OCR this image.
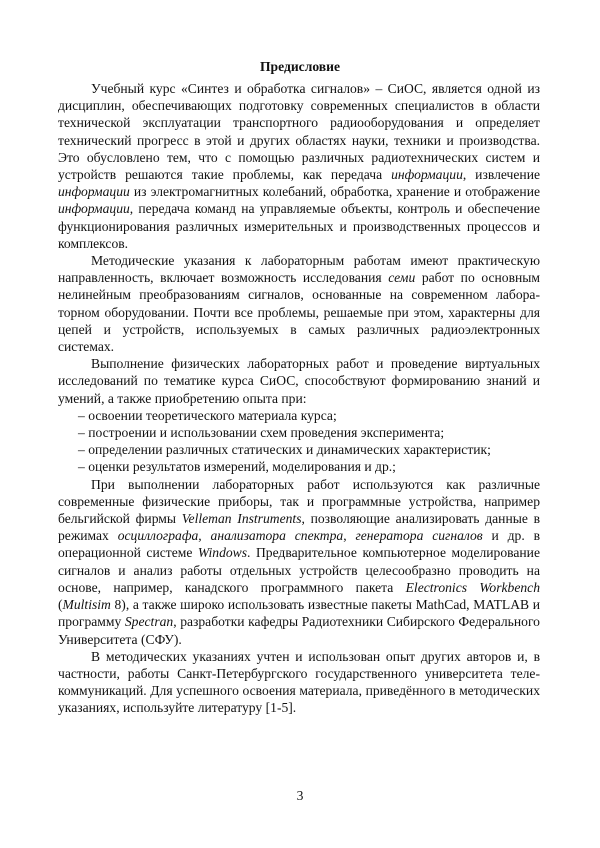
Предисловие

Учебный курс «Синтез и обработка сигналов» – СиОС, является одной из дисциплин, обеспечивающих подготовку современных специалистов в области технической эксплуатации транспортного радиооборудования и определяет технический прогресс в этой и других областях науки, техники и производства. Это обусловлено тем, что с помощью различных радиотехнических систем и устройств решаются такие проблемы, как передача информации, извлечение информации из электромагнитных колебаний, обработка, хранение и отображение информации, передача команд на управляемые объекты, контроль и обеспечение функционирования различных измерительных и производственных процессов и комплексов.

Методические указания к лабораторным работам имеют практическую направленность, включает возможность исследования семи работ по основным нелинейным преобразованиям сигналов, основанные на современном лабораторном оборудовании. Почти все проблемы, решаемые при этом, характерны для цепей и устройств, используемых в самых различных радиоэлектронных системах.

Выполнение физических лабораторных работ и проведение виртуальных исследований по тематике курса СиОС, способствуют формированию знаний и умений, а также приобретению опыта при:

– освоении теоретического материала курса;
– построении и использовании схем проведения эксперимента;
– определении различных статических и динамических характеристик;
– оценки результатов измерений, моделирования и др.;

При выполнении лабораторных работ используются как различные современные физические приборы, так и программные устройства, например бельгийской фирмы Velleman Instruments, позволяющие анализировать данные в режимах осциллографа, анализатора спектра, генератора сигналов и др. в операционной системе Windows. Предварительное компьютерное моделирование сигналов и анализ работы отдельных устройств целесообразно проводить на основе, например, канадского программного пакета Electronics Workbench (Multisim 8), а также широко использовать известные пакеты MathCad, MATLAB и программу Spectran, разработки кафедры Радиотехники Сибирского Федерального Университета (СФУ).

В методических указаниях учтен и использован опыт других авторов и, в частности, работы Санкт-Петербургского государственного университета телекоммуникаций. Для успешного освоения материала, приведённого в методических указаниях, используйте литературу [1-5].

3
